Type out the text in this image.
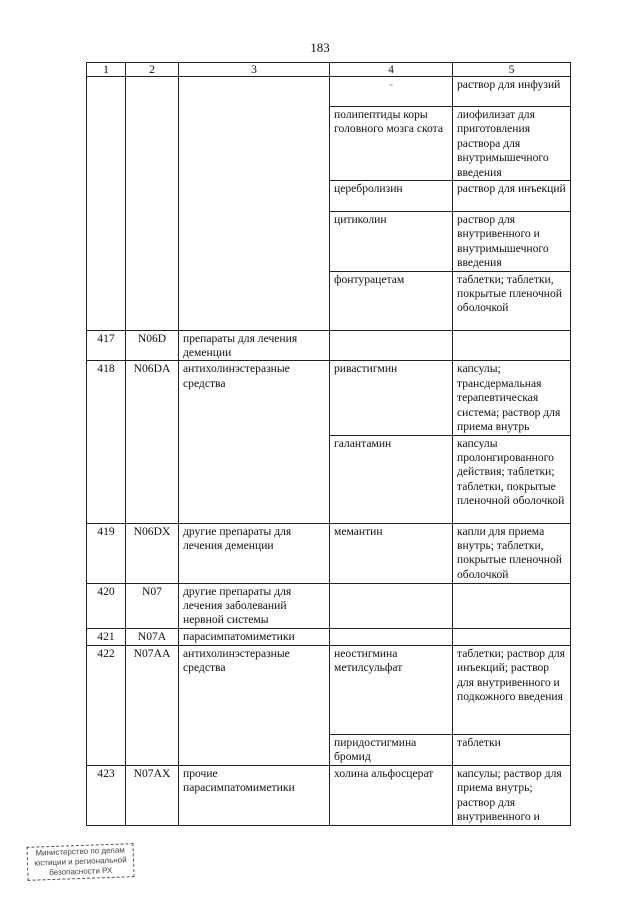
183
1	2	3	4	5
			-	раствор для инфузий
			полипептиды коры головного мозга скота	лиофилизат для приготовления раствора для внутримышечного введения
			церебролизин	раствор для инъекций
			цитиколин	раствор для внутривенного и внутримышечного введения
			фонтурацетам	таблетки; таблетки, покрытые пленочной оболочкой
417	N06D	препараты для лечения деменции		
418	N06DA	антихолинэстеразные средства	ривастигмин	капсулы; трансдермальная терапевтическая система; раствор для приема внутрь
			галантамин	капсулы пролонгированного действия; таблетки; таблетки, покрытые пленочной оболочкой
419	N06DX	другие препараты для лечения деменции	мемантин	капли для приема внутрь; таблетки, покрытые пленочной оболочкой
420	N07	другие препараты для лечения заболеваний нервной системы		
421	N07A	парасимпатомиметики		
422	N07AA	антихолинэстеразные средства	неостигмина метилсульфат	таблетки; раствор для инъекций; раствор для внутривенного и подкожного введения
			пиридостигмина бромид	таблетки
423	N07AX	прочие парасимпатомиметики	холина альфосцерат	капсулы; раствор для приема внутрь; раствор для внутривенного и
Министерство по делам
юстиции и региональной
безопасности РХ
